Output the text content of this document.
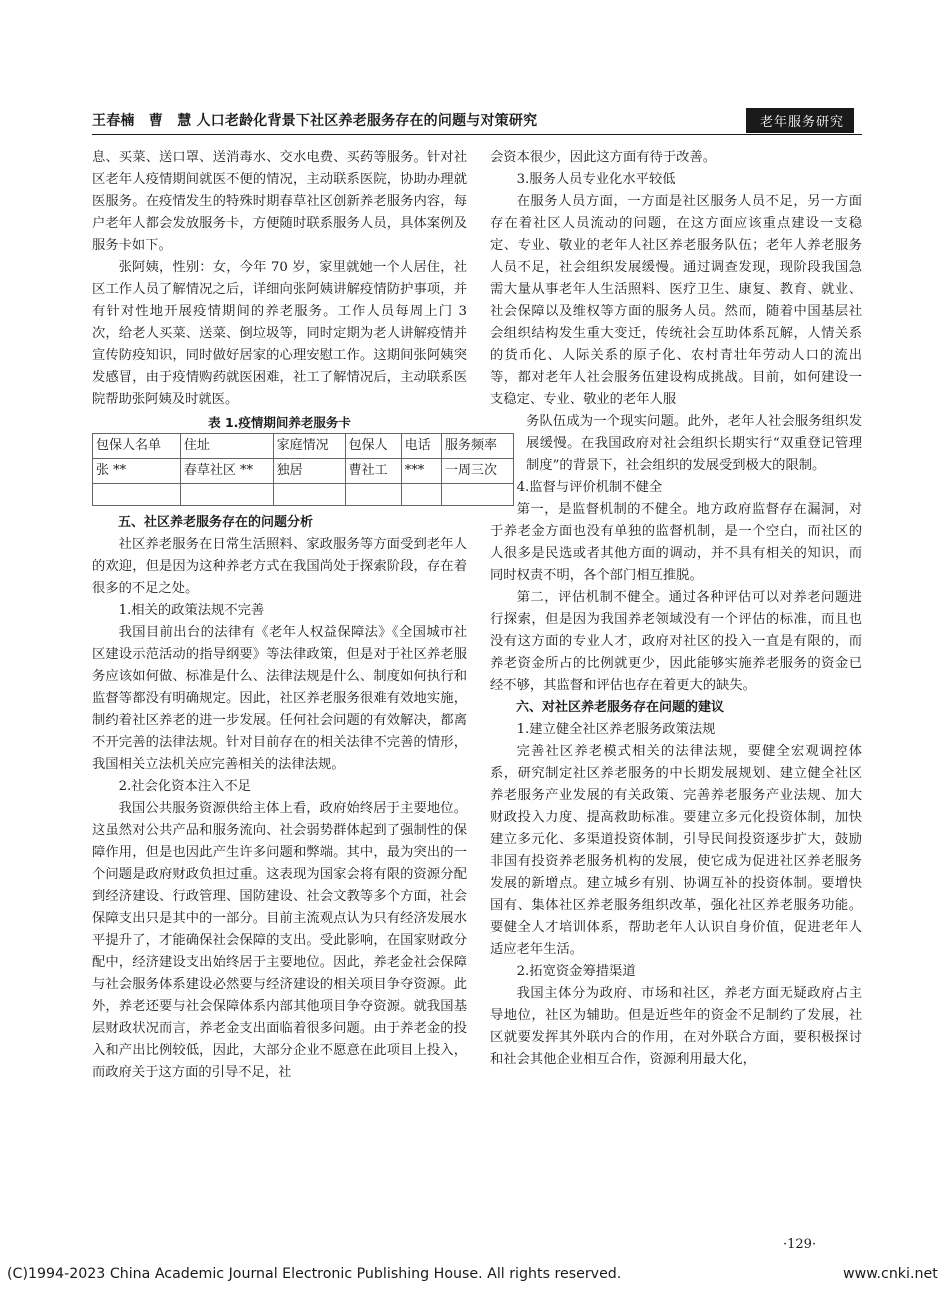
王春楠　曹　慧 人口老龄化背景下社区养老服务存在的问题与对策研究	老年服务研究

息、买菜、送口罩、送消毒水、交水电费、买药等服务。针对社区老年人疫情期间就医不便的情况，主动联系医院，协助办理就医服务。在疫情发生的特殊时期春草社区创新养老服务内容，每户老年人都会发放服务卡，方便随时联系服务人员，具体案例及服务卡如下。

张阿姨，性别：女，今年 70 岁，家里就她一个人居住，社区工作人员了解情况之后，详细向张阿姨讲解疫情防护事项，并有针对性地开展疫情期间的养老服务。工作人员每周上门 3 次，给老人买菜、送菜、倒垃圾等，同时定期为老人讲解疫情并宣传防疫知识，同时做好居家的心理安慰工作。这期间张阿姨突发感冒，由于疫情购药就医困难，社工了解情况后，主动联系医院帮助张阿姨及时就医。

表 1.疫情期间养老服务卡
包保人名单	住址	家庭情况	包保人	电话	服务频率
张 **	春草社区 **	独居	曹社工	***	一周三次

五、社区养老服务存在的问题分析

社区养老服务在日常生活照料、家政服务等方面受到老年人的欢迎，但是因为这种养老方式在我国尚处于探索阶段，存在着很多的不足之处。

1.相关的政策法规不完善

我国目前出台的法律有《老年人权益保障法》《全国城市社区建设示范活动的指导纲要》等法律政策，但是对于社区养老服务应该如何做、标准是什么、法律法规是什么、制度如何执行和监督等都没有明确规定。因此，社区养老服务很难有效地实施，制约着社区养老的进一步发展。任何社会问题的有效解决，都离不开完善的法律法规。针对目前存在的相关法律不完善的情形，我国相关立法机关应完善相关的法律法规。

2.社会化资本注入不足

我国公共服务资源供给主体上看，政府始终居于主要地位。这虽然对公共产品和服务流向、社会弱势群体起到了强制性的保障作用，但是也因此产生许多问题和弊端。其中，最为突出的一个问题是政府财政负担过重。这表现为国家会将有限的资源分配到经济建设、行政管理、国防建设、社会文教等多个方面，社会保障支出只是其中的一部分。目前主流观点认为只有经济发展水平提升了，才能确保社会保障的支出。受此影响，在国家财政分配中，经济建设支出始终居于主要地位。因此，养老金社会保障与社会服务体系建设必然要与经济建设的相关项目争夺资源。此外，养老还要与社会保障体系内部其他项目争夺资源。就我国基层财政状况而言，养老金支出面临着很多问题。由于养老金的投入和产出比例较低，因此，大部分企业不愿意在此项目上投入，而政府关于这方面的引导不足，社

会资本很少，因此这方面有待于改善。

3.服务人员专业化水平较低

在服务人员方面，一方面是社区服务人员不足，另一方面存在着社区人员流动的问题，在这方面应该重点建设一支稳定、专业、敬业的老年人社区养老服务队伍；老年人养老服务人员不足，社会组织发展缓慢。通过调查发现，现阶段我国急需大量从事老年人生活照料、医疗卫生、康复、教育、就业、社会保障以及维权等方面的服务人员。然而，随着中国基层社会组织结构发生重大变迁，传统社会互助体系瓦解，人情关系的货币化、人际关系的原子化、农村青壮年劳动人口的流出等，都对老年人社会服务伍建设构成挑战。目前，如何建设一支稳定、专业、敬业的老年人服

务队伍成为一个现实问题。此外，老年人社会服务组织发展缓慢。在我国政府对社会组织长期实行“双重登记管理制度”的背景下，社会组织的发展受到极大的限制。

4.监督与评价机制不健全

第一，是监督机制的不健全。地方政府监督存在漏洞，对于养老金方面也没有单独的监督机制，是一个空白，而社区的人很多是民选或者其他方面的调动，并不具有相关的知识，而同时权责不明，各个部门相互推脱。

第二，评估机制不健全。通过各种评估可以对养老问题进行探索，但是因为我国养老领域没有一个评估的标准，而且也没有这方面的专业人才，政府对社区的投入一直是有限的，而养老资金所占的比例就更少，因此能够实施养老服务的资金已经不够，其监督和评估也存在着更大的缺失。

六、对社区养老服务存在问题的建议

1.建立健全社区养老服务政策法规

完善社区养老模式相关的法律法规，要健全宏观调控体系，研究制定社区养老服务的中长期发展规划、建立健全社区养老服务产业发展的有关政策、完善养老服务产业法规、加大财政投入力度、提高救助标准。要建立多元化投资体制，加快建立多元化、多渠道投资体制，引导民间投资逐步扩大，鼓励非国有投资养老服务机构的发展，使它成为促进社区养老服务发展的新增点。建立城乡有别、协调互补的投资体制。要增快国有、集体社区养老服务组织改革，强化社区养老服务功能。要健全人才培训体系，帮助老年人认识自身价值，促进老年人适应老年生活。

2.拓宽资金筹措渠道

我国主体分为政府、市场和社区，养老方面无疑政府占主导地位，社区为辅助。但是近些年的资金不足制约了发展，社区就要发挥其外联内合的作用，在对外联合方面，要积极探讨和社会其他企业相互合作，资源利用最大化，

·129·

(C)1994-2023 China Academic Journal Electronic Publishing House. All rights reserved.

	www.cnki.net
